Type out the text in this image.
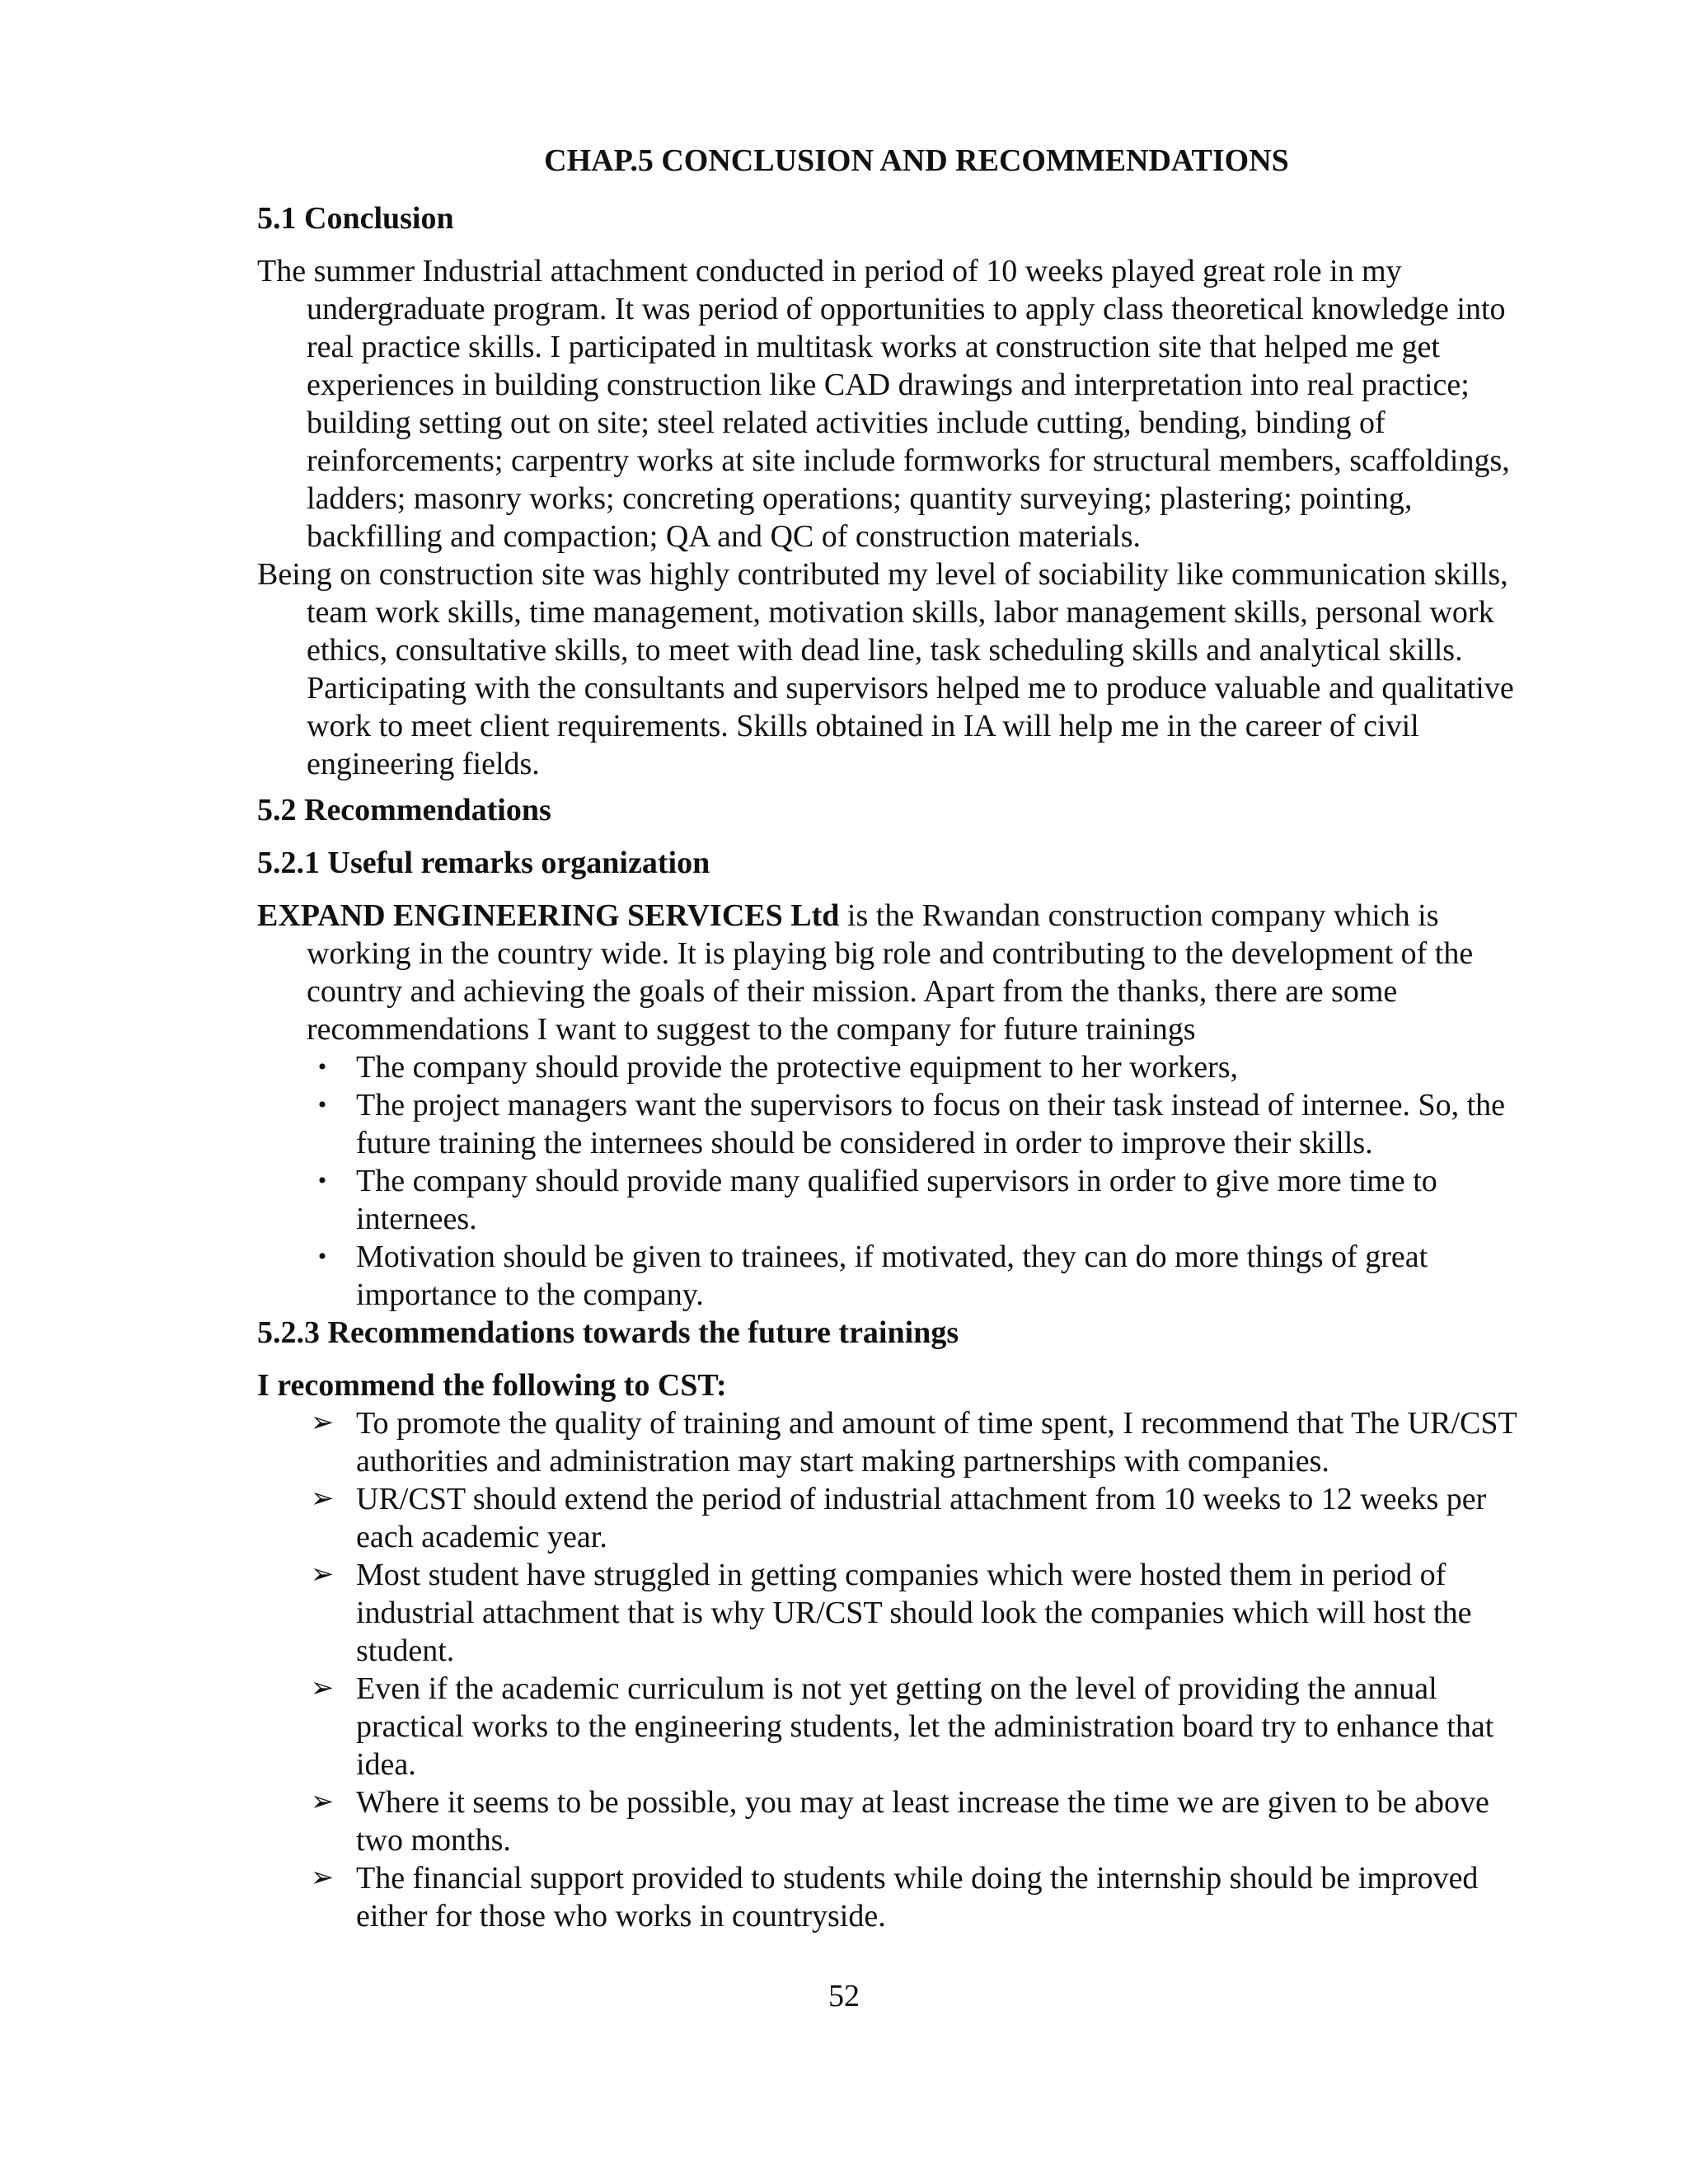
CHAP.5 CONCLUSION AND RECOMMENDATIONS
5.1 Conclusion

The summer Industrial attachment conducted in period of 10 weeks played great role in my undergraduate program. It was period of opportunities to apply class theoretical knowledge into real practice skills. I participated in multitask works at construction site that helped me get experiences in building construction like CAD drawings and interpretation into real practice; building setting out on site; steel related activities include cutting, bending, binding of reinforcements; carpentry works at site include formworks for structural members, scaffoldings, ladders; masonry works; concreting operations; quantity surveying; plastering; pointing, backfilling and compaction; QA and QC of construction materials.

Being on construction site was highly contributed my level of sociability like communication skills, team work skills, time management, motivation skills, labor management skills, personal work ethics, consultative skills, to meet with dead line, task scheduling skills and analytical skills. Participating with the consultants and supervisors helped me to produce valuable and qualitative work to meet client requirements. Skills obtained in IA will help me in the career of civil engineering fields.

5.2 Recommendations
5.2.1 Useful remarks organization

EXPAND ENGINEERING SERVICES Ltd is the Rwandan construction company which is working in the country wide. It is playing big role and contributing to the development of the country and achieving the goals of their mission. Apart from the thanks, there are some recommendations I want to suggest to the company for future trainings

• The company should provide the protective equipment to her workers,
• The project managers want the supervisors to focus on their task instead of internee. So, the future training the internees should be considered in order to improve their skills.
• The company should provide many qualified supervisors in order to give more time to internees.
• Motivation should be given to trainees, if motivated, they can do more things of great importance to the company.
5.2.3 Recommendations towards the future trainings
I recommend the following to CST:
➢ To promote the quality of training and amount of time spent, I recommend that The UR/CST authorities and administration may start making partnerships with companies.
➢ UR/CST should extend the period of industrial attachment from 10 weeks to 12 weeks per each academic year.
➢ Most student have struggled in getting companies which were hosted them in period of industrial attachment that is why UR/CST should look the companies which will host the student.
➢ Even if the academic curriculum is not yet getting on the level of providing the annual practical works to the engineering students, let the administration board try to enhance that idea.
➢ Where it seems to be possible, you may at least increase the time we are given to be above two months.
➢ The financial support provided to students while doing the internship should be improved either for those who works in countryside.
52
